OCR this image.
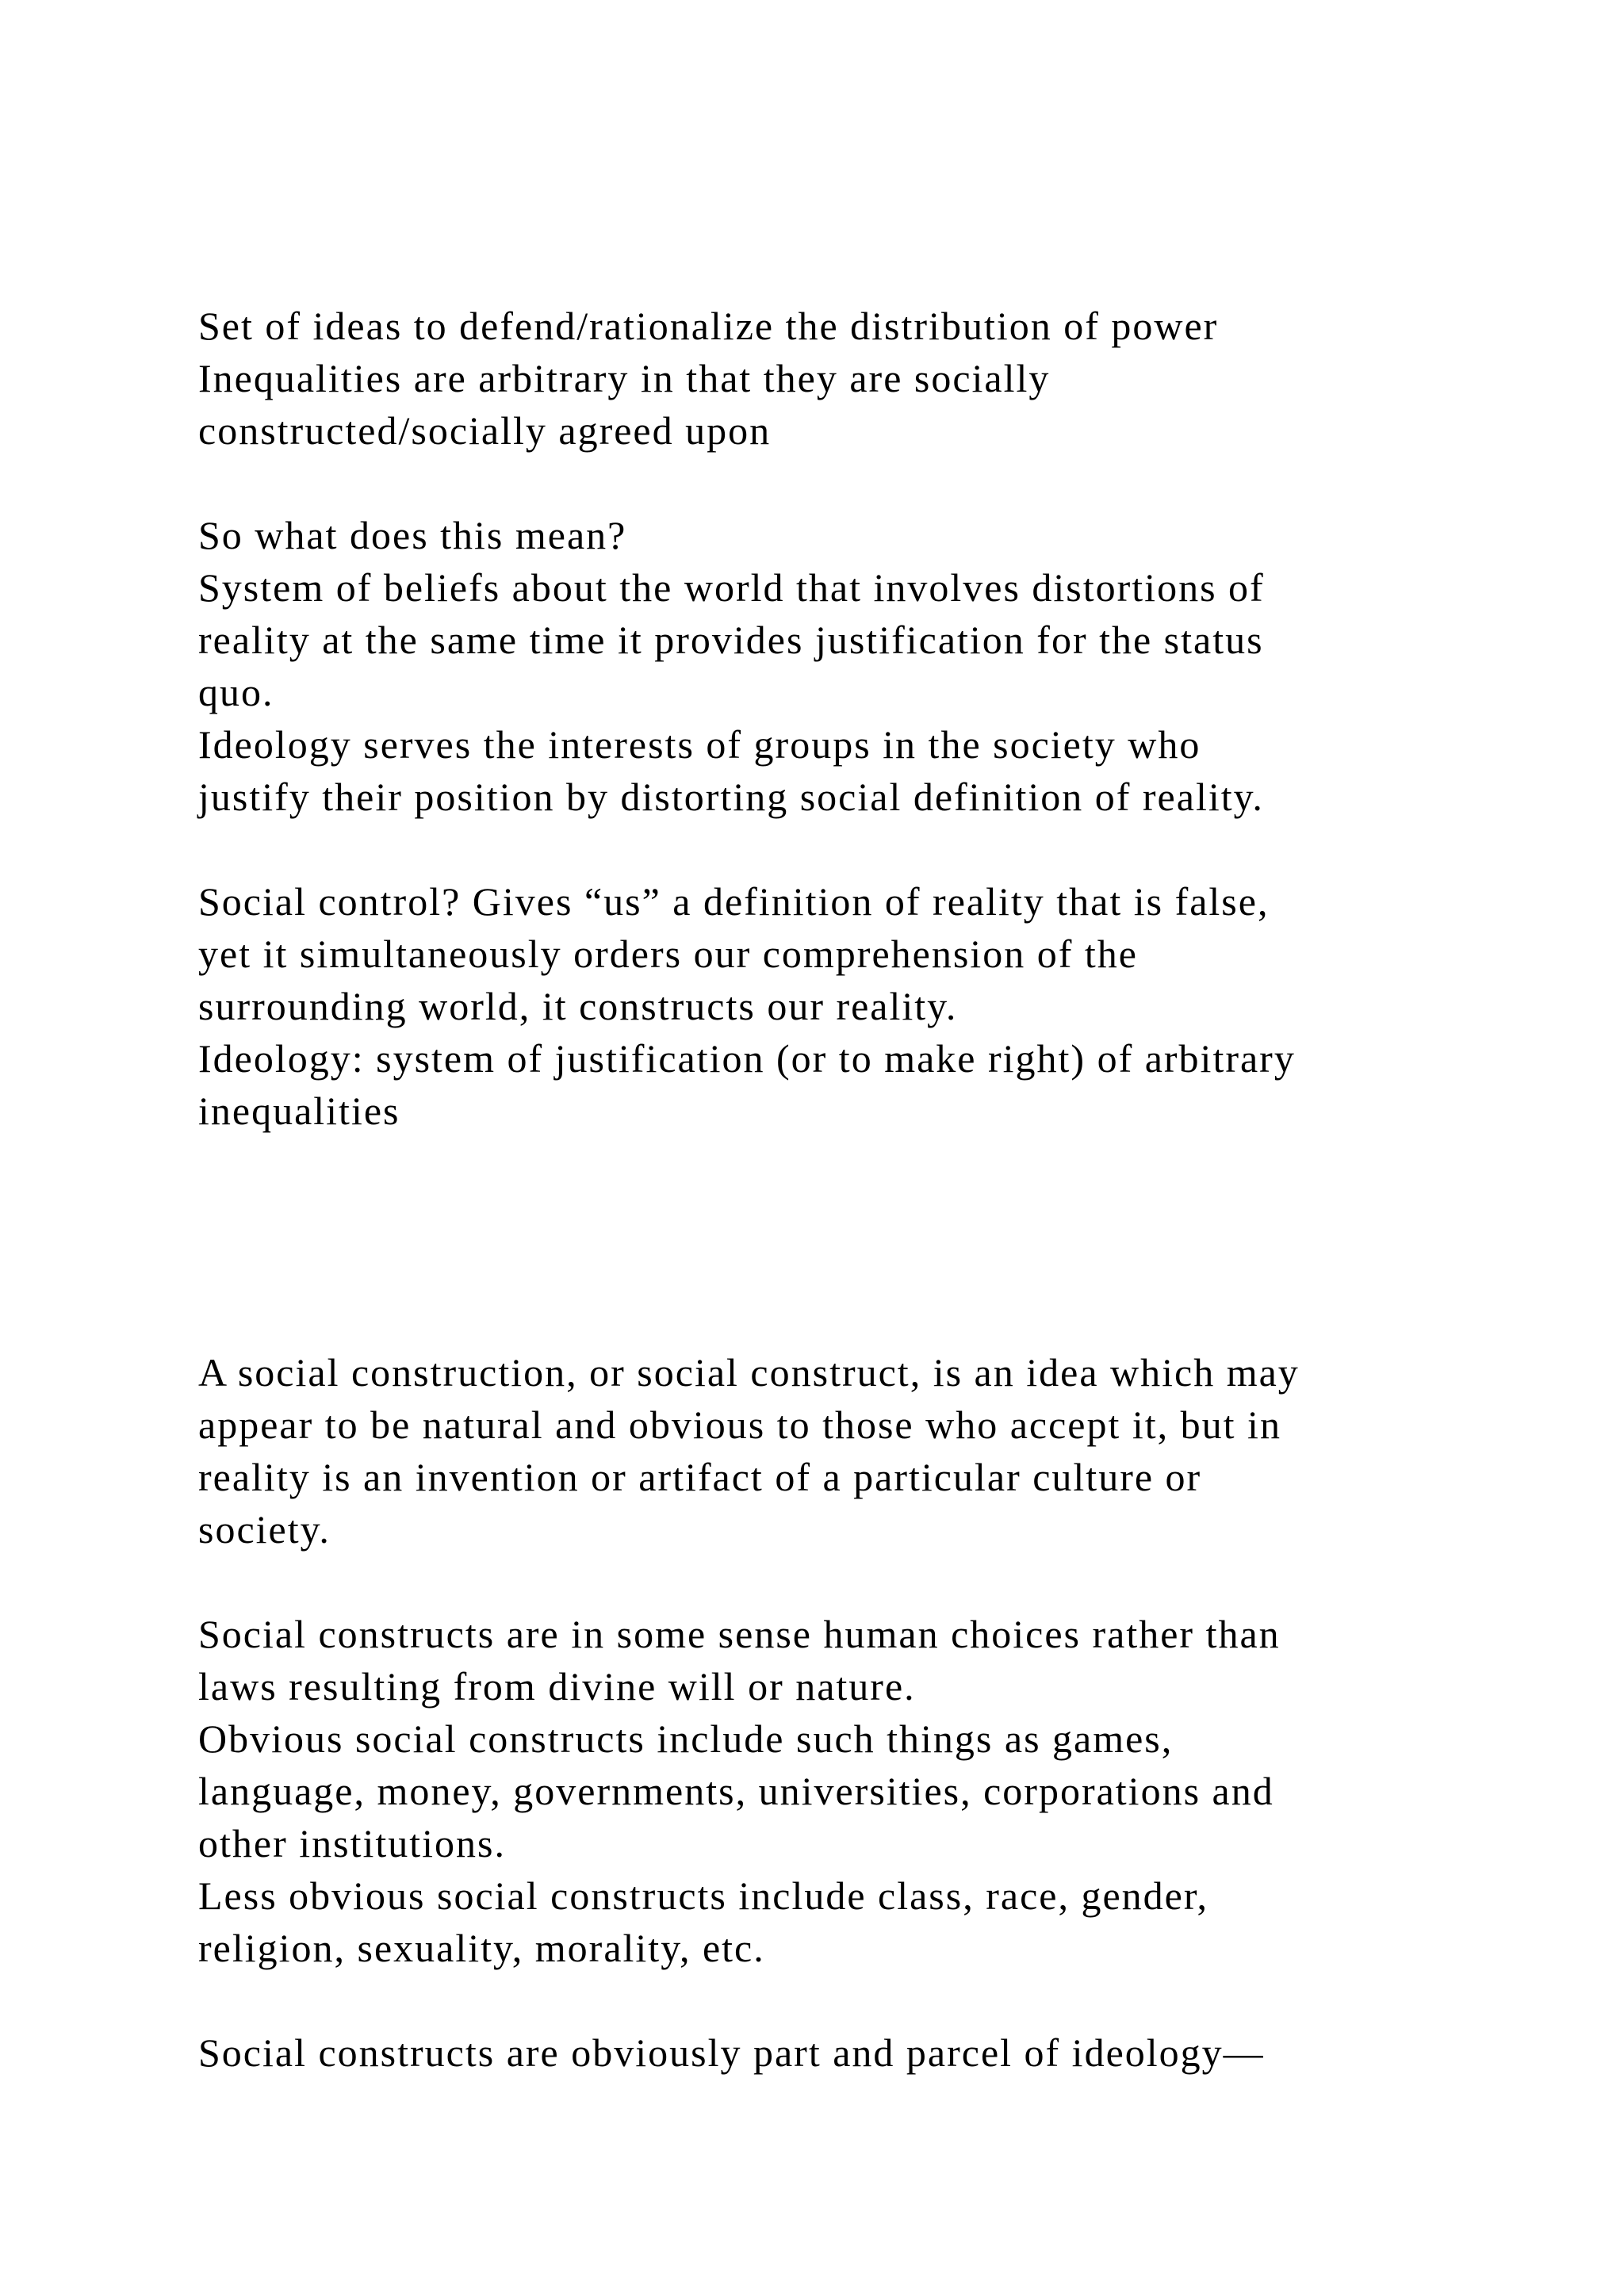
Set of ideas to defend/rationalize the distribution of power
Inequalities are arbitrary in that they are socially
constructed/socially agreed upon
So what does this mean?
System of beliefs about the world that involves distortions of
reality at the same time it provides justification for the status
quo.
Ideology serves the interests of groups in the society who
justify their position by distorting social definition of reality.
Social control? Gives “us” a definition of reality that is false,
yet it simultaneously orders our comprehension of the
surrounding world, it constructs our reality.
Ideology: system of justification (or to make right) of arbitrary
inequalities
A social construction, or social construct, is an idea which may
appear to be natural and obvious to those who accept it, but in
reality is an invention or artifact of a particular culture or
society.
Social constructs are in some sense human choices rather than
laws resulting from divine will or nature.
Obvious social constructs include such things as games,
language, money, governments, universities, corporations and
other institutions.
Less obvious social constructs include class, race, gender,
religion, sexuality, morality, etc.
Social constructs are obviously part and parcel of ideology—
